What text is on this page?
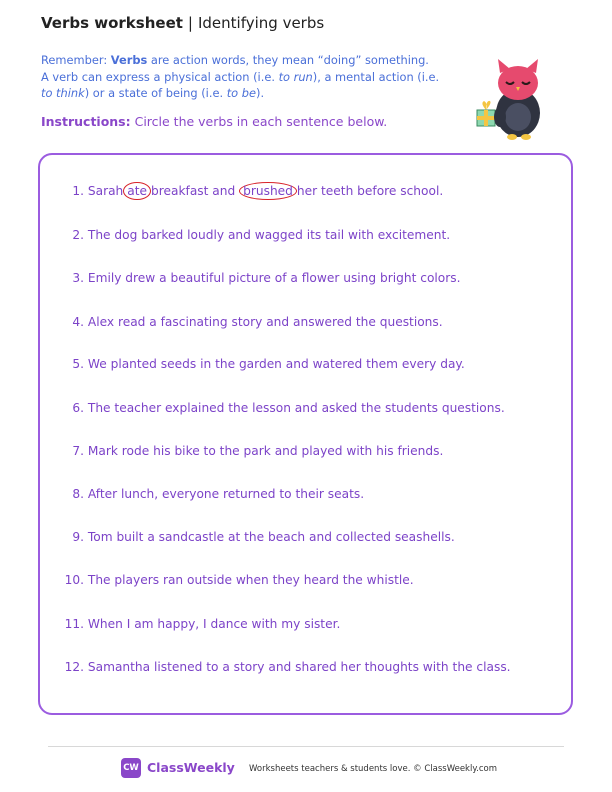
Verbs worksheet | Identifying verbs
Remember: Verbs are action words, they mean “doing” something.
A verb can express a physical action (i.e. to run), a mental action (i.e.
to think) or a state of being (i.e. to be).
Instructions: Circle the verbs in each sentence below.
1. Sarah ate breakfast and brushed her teeth before school.
2. The dog barked loudly and wagged its tail with excitement.
3. Emily drew a beautiful picture of a flower using bright colors.
4. Alex read a fascinating story and answered the questions.
5. We planted seeds in the garden and watered them every day.
6. The teacher explained the lesson and asked the students questions.
7. Mark rode his bike to the park and played with his friends.
8. After lunch, everyone returned to their seats.
9. Tom built a sandcastle at the beach and collected seashells.
10. The players ran outside when they heard the whistle.
11. When I am happy, I dance with my sister.
12. Samantha listened to a story and shared her thoughts with the class.
CW ClassWeekly Worksheets teachers & students love. © ClassWeekly.com
